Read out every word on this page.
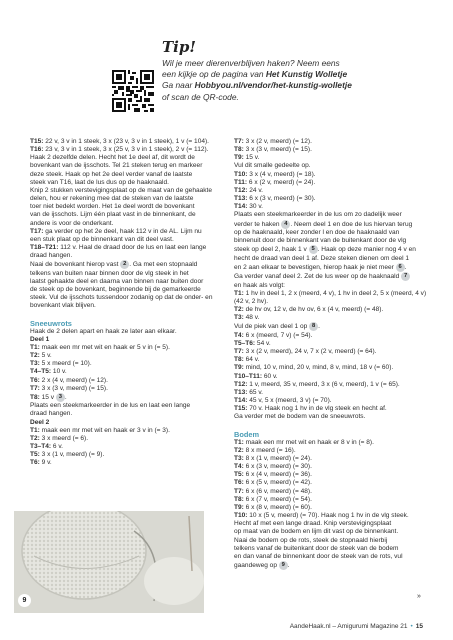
Tip!
Wil je meer dierenverblijven haken? Neem eens
een kijkje op de pagina van Het Kunstig Wolletje
Ga naar Hobbyou.nl/vendor/het-kunstig-wolletje
of scan de QR-code.

T15: 22 v, 3 v in 1 steek, 3 x (23 v, 3 v in 1 steek), 1 v (= 104).

T16: 23 v, 3 v in 1 steek, 3 x (25 v, 3 v in 1 steek), 2 v (= 112).

Haak 2 dezelfde delen. Hecht het 1e deel af, dit wordt de

bovenkant van de ijsschots. Tel 21 steken terug en markeer

deze steek. Haak op het 2e deel verder vanaf de laatste

steek van T16, laat de lus dus op de haaknaald.

Knip 2 stukken verstevigingsplaat op de maat van de gehaakte

delen, hou er rekening mee dat de steken van de laatste

toer niet bedekt worden. Het 1e deel wordt de bovenkant

van de ijsschots. Lijm één plaat vast in de binnenkant, de

andere is voor de onderkant.

T17: ga verder op het 2e deel, haak 112 v in de AL. Lijm nu

een stuk plaat op de binnenkant van dit deel vast.

T18–T21: 112 v. Haal de draad door de lus en laat een lange

draad hangen.

Naai de bovenkant hierop vast 2 . Ga met een stopnaald

telkens van buiten naar binnen door de vlg steek in het

laatst gehaakte deel en daarna van binnen naar buiten door

de steek op de bovenkant, beginnende bij de gemarkeerde

steek. Vul de ijsschots tussendoor zodanig op dat de onder- en

bovenkant vlak blijven.

Sneeuwrots

Haak de 2 delen apart en haak ze later aan elkaar.

Deel 1

T1: maak een mr met wit en haak er 5 v in (= 5).

T2: 5 v.

T3: 5 x meerd (= 10).

T4–T5: 10 v.

T6: 2 x (4 v, meerd) (= 12).

T7: 3 x (3 v, meerd) (= 15).

T8: 15 v 3 .

Plaats een steekmarkeerder in de lus en laat een lange

draad hangen.

Deel 2

T1: maak een mr met wit en haak er 3 v in (= 3).

T2: 3 x meerd (= 6).

T3–T4: 6 v.

T5: 3 x (1 v, meerd) (= 9).

T6: 9 v.

T7: 3 x (2 v, meerd) (= 12).

T8: 3 x (3 v, meerd) (= 15).

T9: 15 v.

Vul dit smalle gedeelte op.

T10: 3 x (4 v, meerd) (= 18).

T11: 6 x (2 v, meerd) (= 24).

T12: 24 v.

T13: 6 x (3 v, meerd) (= 30).

T14: 30 v.

Plaats een steekmarkeerder in de lus om zo dadelijk weer

verder te haken 4 . Neem deel 1 en doe de lus hiervan terug

op de haaknaald, keer zonder l en doe de haaknaald van

binnenuit door de binnenkant van de buitenkant door de vlg

steek op deel 2, haak 1 v 5 . Haak op deze manier nog 4 v en

hecht de draad van deel 1 af. Deze steken dienen om deel 1

en 2 aan elkaar te bevestigen, hierop haak je niet meer 6 .

Ga verder vanaf deel 2. Zet de lus weer op de haaknaald 7

en haak als volgt:

T1: 1 hv in deel 1, 2 x (meerd, 4 v), 1 hv in deel 2, 5 x (meerd, 4 v)

(42 v, 2 hv).

T2: de hv ov, 12 v, de hv ov, 6 x (4 v, meerd) (= 48).

T3: 48 v.

Vul de piek van deel 1 op 8 .

T4: 6 x (meerd, 7 v) (= 54).

T5–T6: 54 v.

T7: 3 x (2 v, meerd), 24 v, 7 x (2 v, meerd) (= 64).

T8: 64 v.

T9: mind, 10 v, mind, 20 v, mind, 8 v, mind, 18 v (= 60).

T10–T11: 60 v.

T12: 1 v, meerd, 35 v, meerd, 3 x (6 v, meerd), 1 v (= 65).

T13: 65 v.

T14: 45 v, 5 x (meerd, 3 v) (= 70).

T15: 70 v. Haak nog 1 hv in de vlg steek en hecht af.

Ga verder met de bodem van de sneeuwrots.

Bodem

T1: maak een mr met wit en haak er 8 v in (= 8).

T2: 8 x meerd (= 16).

T3: 8 x (1 v, meerd) (= 24).

T4: 6 x (3 v, meerd) (= 30).

T5: 6 x (4 v, meerd) (= 36).

T6: 6 x (5 v, meerd) (= 42).

T7: 6 x (6 v, meerd) (= 48).

T8: 6 x (7 v, meerd) (= 54).

T9: 6 x (8 v, meerd) (= 60).

T10: 10 x (5 v, meerd) (= 70). Haak nog 1 hv in de vlg steek.

Hecht af met een lange draad. Knip verstevigingsplaat

op maat van de bodem en lijm dit vast op de binnenkant.

Naai de bodem op de rots, steek de stopnaald hierbij

telkens vanaf de buitenkant door de steek van de bodem

en dan vanaf de binnenkant door de steek van de rots, vul

gaandeweg op 9 .

9
»
AandeHaak.nl – Amigurumi Magazine 21 • 15
